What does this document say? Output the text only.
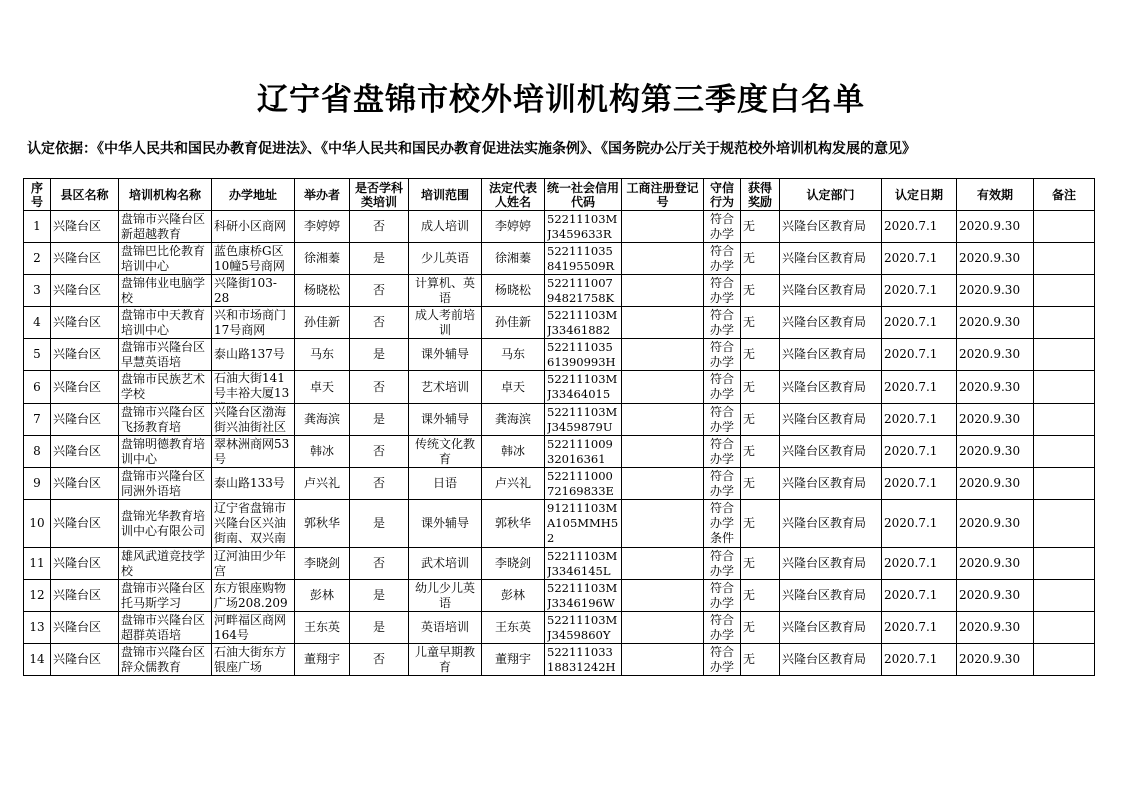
辽宁省盘锦市校外培训机构第三季度白名单
认定依据：《中华人民共和国民办教育促进法》、《中华人民共和国民办教育促进法实施条例》、《国务院办公厅关于规范校外培训机构发展的意见》
序号	县区名称	培训机构名称	办学地址	举办者	是否学科类培训	培训范围	法定代表人姓名	统一社会信用代码	工商注册登记号	守信行为	获得奖励	认定部门	认定日期	有效期	备注

1	兴隆台区	盘锦市兴隆台区新超越教育	科研小区商网	李婷婷	否	成人培训	李婷婷	52211103MJ3459633R		符合办学	无	兴隆台区教育局	2020.7.1	2020.9.30	

2	兴隆台区	盘锦巴比伦教育培训中心	蓝色康桥G区10幢5号商网	徐湘蓁	是	少儿英语	徐湘蓁	52211103584195509R		符合办学	无	兴隆台区教育局	2020.7.1	2020.9.30	

3	兴隆台区	盘锦伟业电脑学校	兴隆街103-28	杨晓松	否	计算机、英语	杨晓松	52211100794821758K		符合办学	无	兴隆台区教育局	2020.7.1	2020.9.30	

4	兴隆台区	盘锦市中天教育培训中心	兴和市场商门17号商网	孙佳新	否	成人考前培训	孙佳新	52211103MJ33461882		符合办学	无	兴隆台区教育局	2020.7.1	2020.9.30	

5	兴隆台区	盘锦市兴隆台区早慧英语培	泰山路137号	马东	是	课外辅导	马东	52211103561390993H		符合办学	无	兴隆台区教育局	2020.7.1	2020.9.30	

6	兴隆台区	盘锦市民族艺术学校	石油大街141号丰裕大厦13	卓天	否	艺术培训	卓天	52211103MJ33464015		符合办学	无	兴隆台区教育局	2020.7.1	2020.9.30	

7	兴隆台区	盘锦市兴隆台区飞扬教育培	兴隆台区渤海街兴油街社区	龚海滨	是	课外辅导	龚海滨	52211103MJ3459879U		符合办学	无	兴隆台区教育局	2020.7.1	2020.9.30	

8	兴隆台区	盘锦明德教育培训中心	翠林洲商网53号	韩冰	否	传统文化教育	韩冰	52211100932016361		符合办学	无	兴隆台区教育局	2020.7.1	2020.9.30	

9	兴隆台区	盘锦市兴隆台区同洲外语培	泰山路133号	卢兴礼	否	日语	卢兴礼	52211100072169833E		符合办学	无	兴隆台区教育局	2020.7.1	2020.9.30	

10	兴隆台区	盘锦光华教育培训中心有限公司	辽宁省盘锦市兴隆台区兴油街南、双兴南	郭秋华	是	课外辅导	郭秋华	91211103MA105MMH52		符合办学条件	无	兴隆台区教育局	2020.7.1	2020.9.30	

11	兴隆台区	雄风武道竞技学校	辽河油田少年宫	李晓剑	否	武术培训	李晓剑	52211103MJ3346145L		符合办学	无	兴隆台区教育局	2020.7.1	2020.9.30	

12	兴隆台区	盘锦市兴隆台区托马斯学习	东方银座购物广场208.209	彭林	是	幼儿少儿英语	彭林	52211103MJ3346196W		符合办学	无	兴隆台区教育局	2020.7.1	2020.9.30	

13	兴隆台区	盘锦市兴隆台区超群英语培	河畔福区商网164号	王东英	是	英语培训	王东英	52211103MJ3459860Y		符合办学	无	兴隆台区教育局	2020.7.1	2020.9.30	

14	兴隆台区	盘锦市兴隆台区辞众儒教育	石油大街东方银座广场	董翔宇	否	儿童早期教育	董翔宇	52211103318831242H		符合办学	无	兴隆台区教育局	2020.7.1	2020.9.30	
